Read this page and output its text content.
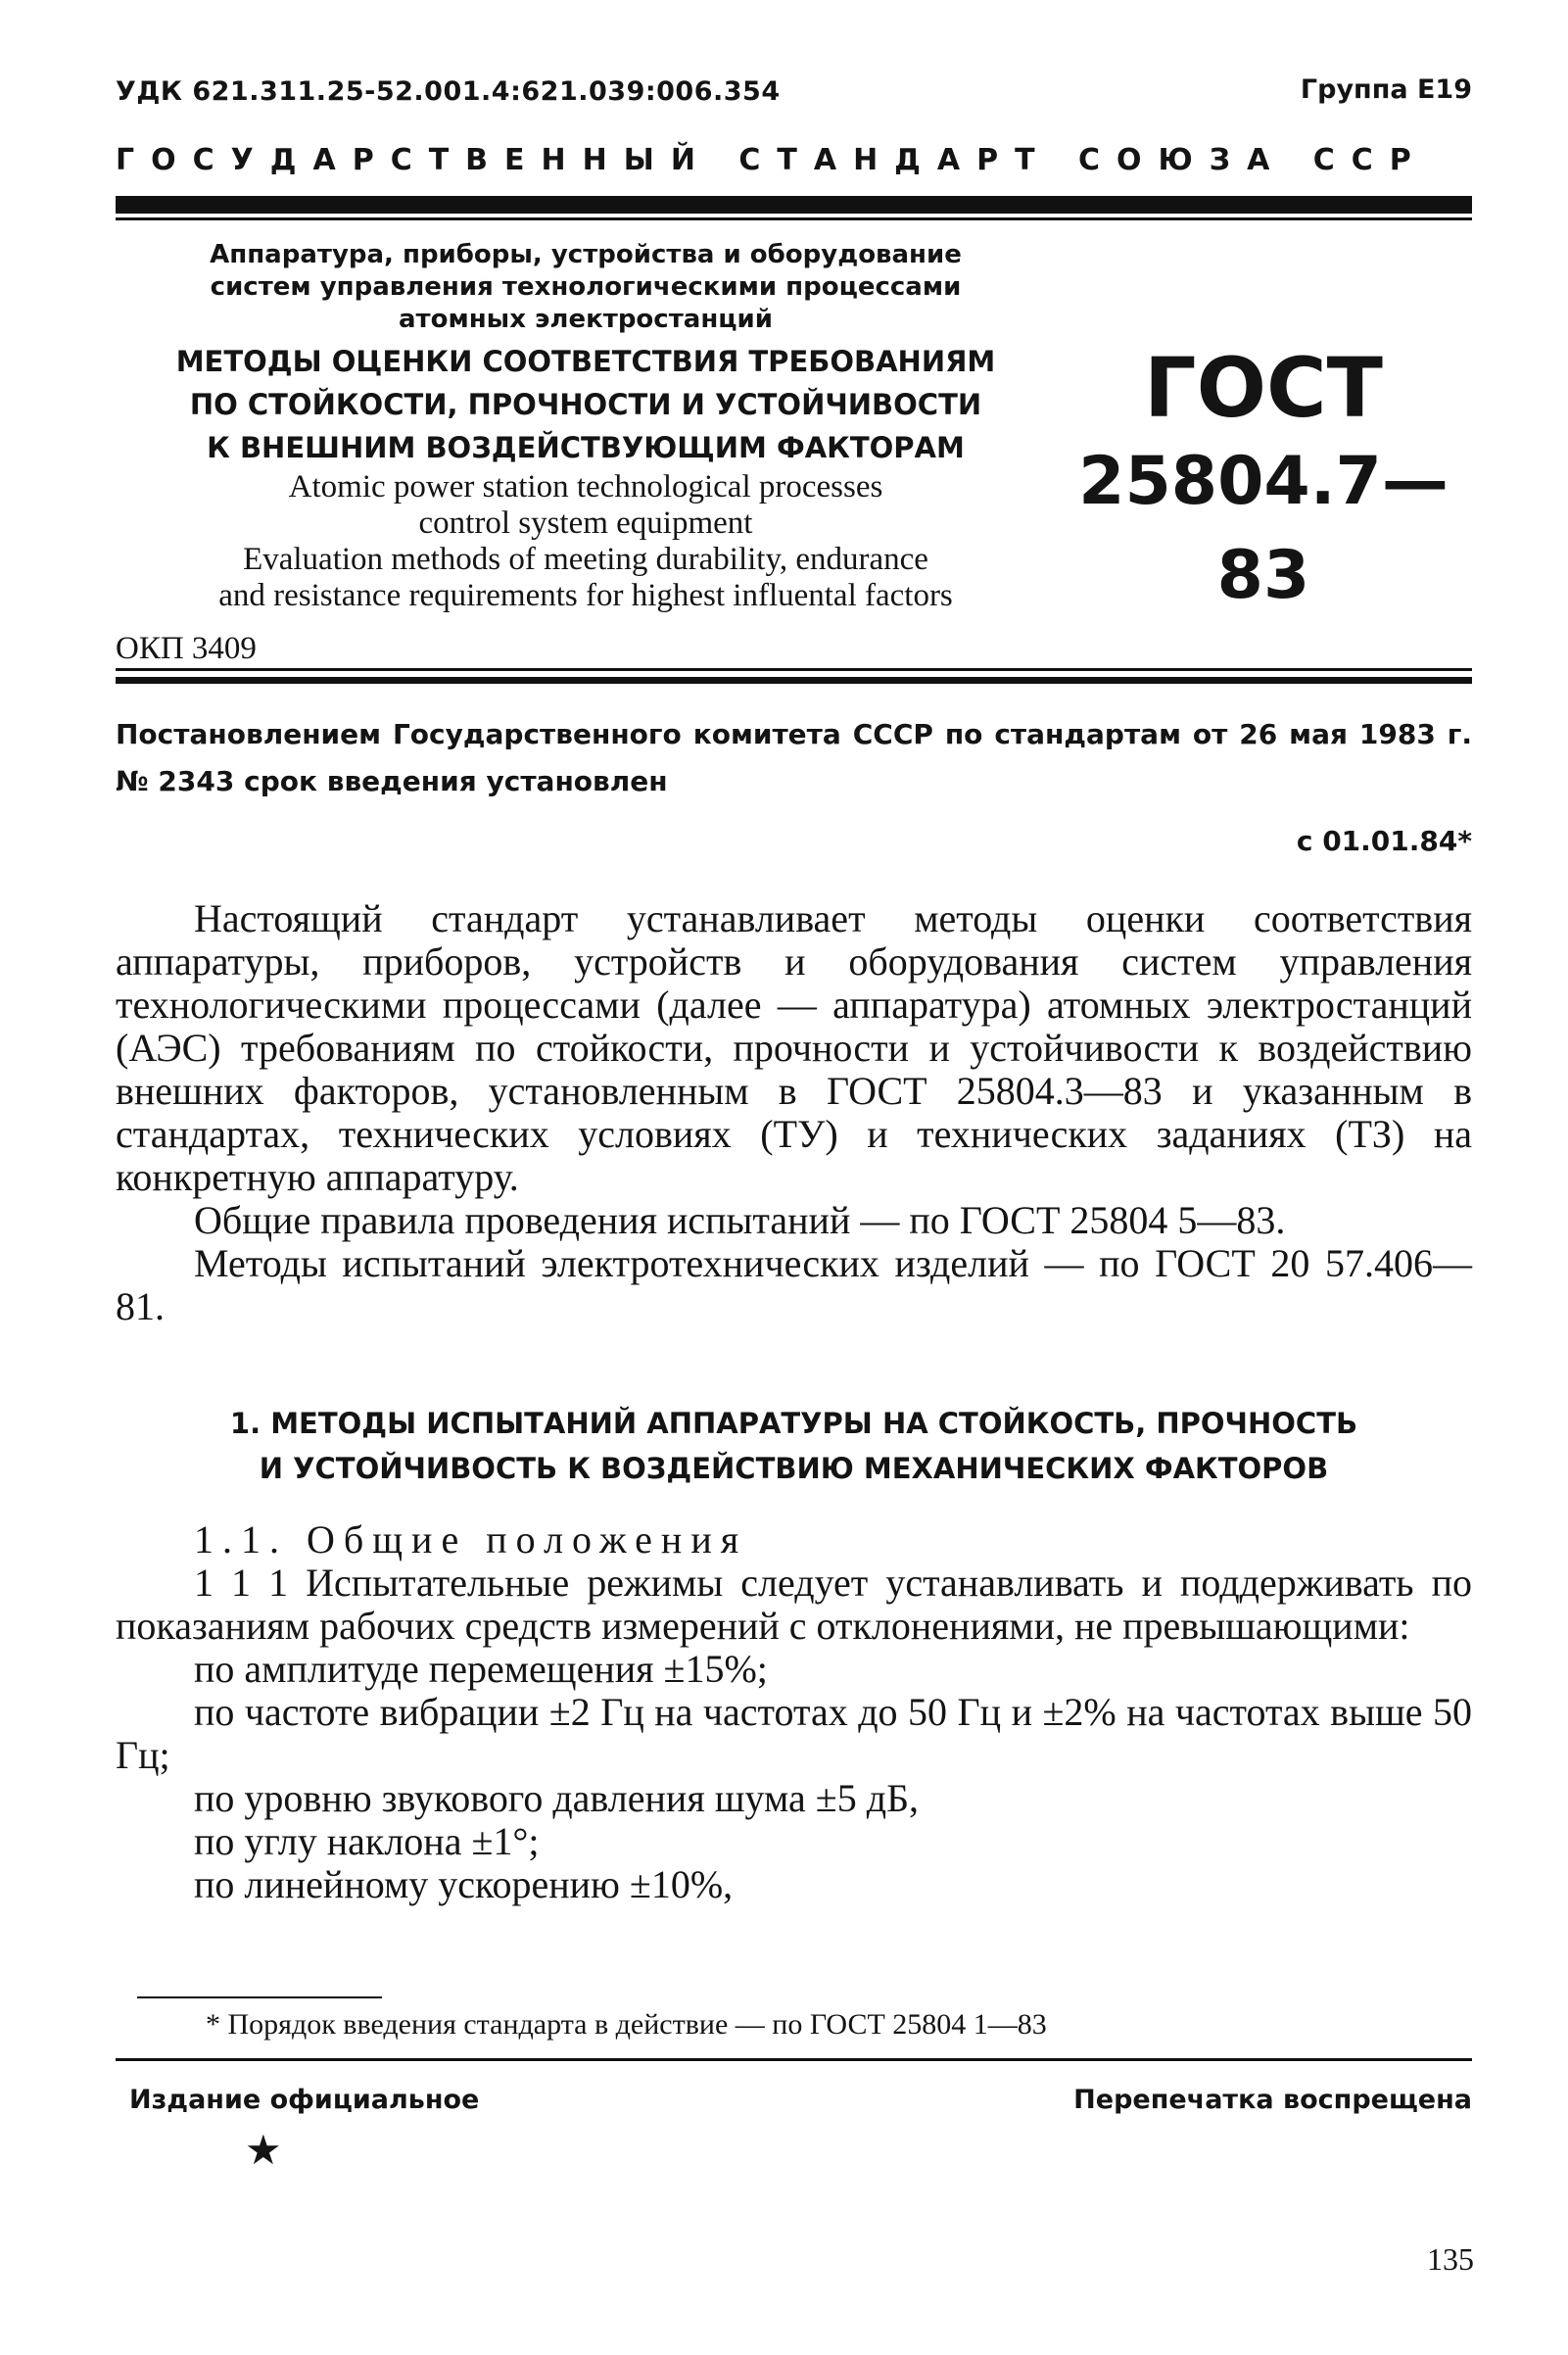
УДК 621.311.25-52.001.4:621.039:006.354	Группа Е19
ГОСУДАРСТВЕННЫЙ СТАНДАРТ СОЮЗА ССР
Аппаратура, приборы, устройства и оборудование
систем управления технологическими процессами
атомных электростанций
МЕТОДЫ ОЦЕНКИ СООТВЕТСТВИЯ ТРЕБОВАНИЯМ
ПО СТОЙКОСТИ, ПРОЧНОСТИ И УСТОЙЧИВОСТИ
К ВНЕШНИМ ВОЗДЕЙСТВУЮЩИМ ФАКТОРАМ
Atomic power station technological processes
control system equipment
Evaluation methods of meeting durability, endurance
and resistance requirements for highest influental factors
ГОСТ
25804.7—83
ОКП 3409
Постановлением Государственного комитета СССР по стандартам от 26 мая 1983 г. № 2343 срок введения установлен
с 01.01.84*

Настоящий стандарт устанавливает методы оценки соответствия аппаратуры, приборов, устройств и оборудования систем управления технологическими процессами (далее — аппаратура) атомных электростанций (АЭС) требованиям по стойкости, прочности и устойчивости к воздействию внешних факторов, установленным в ГОСТ 25804.3—83 и указанным в стандартах, технических условиях (ТУ) и технических заданиях (ТЗ) на конкретную аппаратуру.

Общие правила проведения испытаний — по ГОСТ 25804 5—83.

Методы испытаний электротехнических изделий — по ГОСТ 20 57.406—81.

1. МЕТОДЫ ИСПЫТАНИЙ АППАРАТУРЫ НА СТОЙКОСТЬ, ПРОЧНОСТЬ
И УСТОЙЧИВОСТЬ К ВОЗДЕЙСТВИЮ МЕХАНИЧЕСКИХ ФАКТОРОВ

1.1. Общие положения

1 1 1 Испытательные режимы следует устанавливать и поддерживать по показаниям рабочих средств измерений с отклонениями, не превышающими:

по амплитуде перемещения ±15%;

по частоте вибрации ±2 Гц на частотах до 50 Гц и ±2% на частотах выше 50 Гц;

по уровню звукового давления шума ±5 дБ,

по углу наклона ±1°;

по линейному ускорению ±10%,

* Порядок введения стандарта в действие — по ГОСТ 25804 1—83
Издание официальное	Перепечатка воспрещена
★
135
